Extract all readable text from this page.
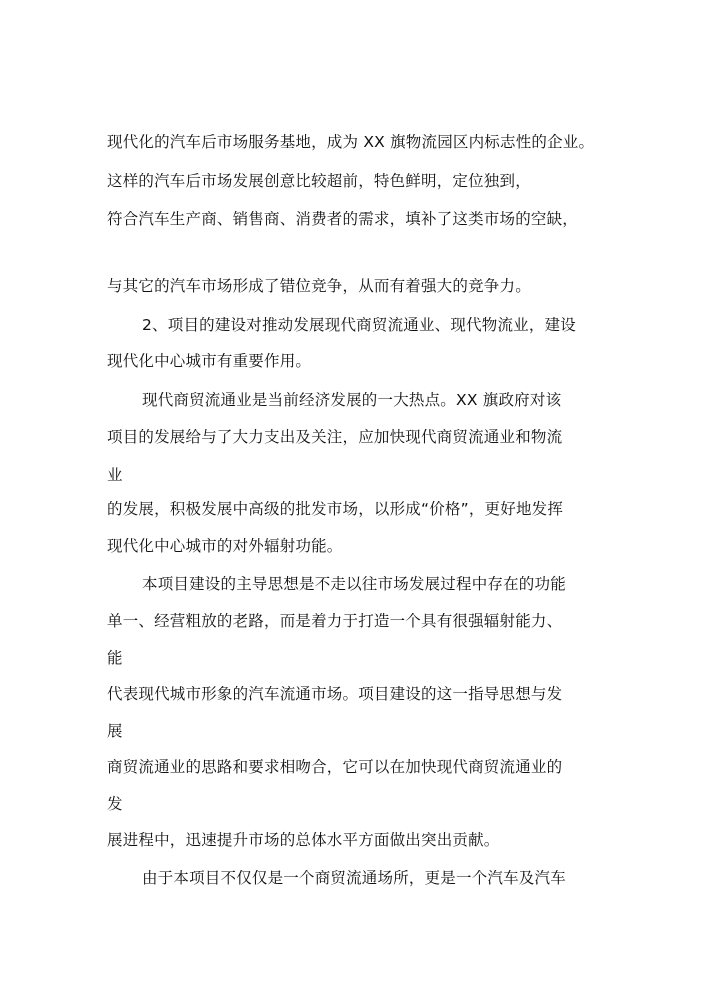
现代化的汽车后市场服务基地，成为 XX 旗物流园区内标志性的企业。
这样的汽车后市场发展创意比较超前，特色鲜明，定位独到，
符合汽车生产商、销售商、消费者的需求，填补了这类市场的空缺，
与其它的汽车市场形成了错位竞争，从而有着强大的竞争力。
2、项目的建设对推动发展现代商贸流通业、现代物流业，建设
现代化中心城市有重要作用。
现代商贸流通业是当前经济发展的一大热点。XX 旗政府对该
项目的发展给与了大力支出及关注，应加快现代商贸流通业和物流
业
的发展，积极发展中高级的批发市场，以形成“价格”，更好地发挥
现代化中心城市的对外辐射功能。
本项目建设的主导思想是不走以往市场发展过程中存在的功能
单一、经营粗放的老路，而是着力于打造一个具有很强辐射能力、
能
代表现代城市形象的汽车流通市场。项目建设的这一指导思想与发
展
商贸流通业的思路和要求相吻合，它可以在加快现代商贸流通业的
发
展进程中，迅速提升市场的总体水平方面做出突出贡献。
由于本项目不仅仅是一个商贸流通场所，更是一个汽车及汽车
